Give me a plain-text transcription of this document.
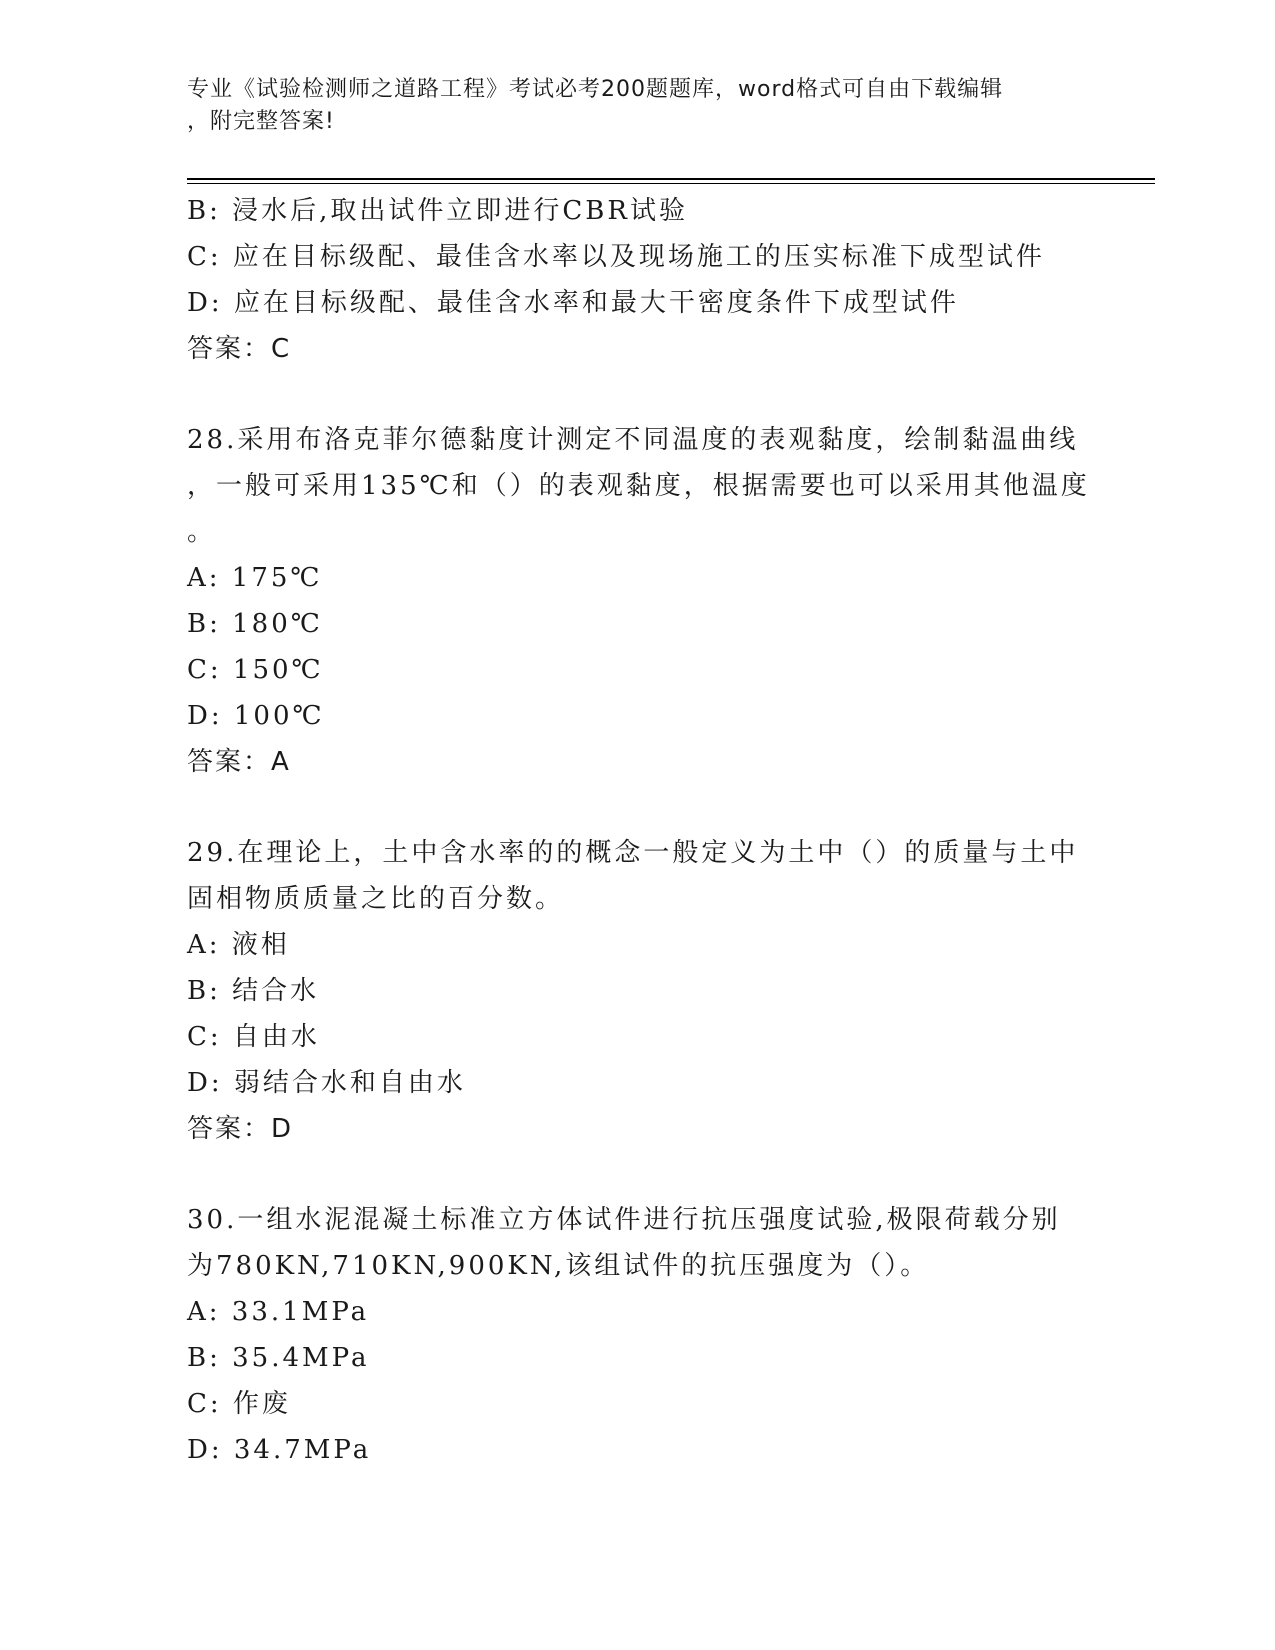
专业《试验检测师之道路工程》考试必考200题题库，word格式可自由下载编辑
，附完整答案!
B: 浸水后,取出试件立即进行CBR试验
C: 应在目标级配、最佳含水率以及现场施工的压实标准下成型试件
D: 应在目标级配、最佳含水率和最大干密度条件下成型试件
答案：C
28.采用布洛克菲尔德黏度计测定不同温度的表观黏度，绘制黏温曲线
，一般可采用135℃和（）的表观黏度，根据需要也可以采用其他温度
。
A: 175℃
B: 180℃
C: 150℃
D: 100℃
答案：A
29.在理论上，土中含水率的的概念一般定义为土中（）的质量与土中
固相物质质量之比的百分数。
A: 液相
B: 结合水
C: 自由水
D: 弱结合水和自由水
答案：D
30.一组水泥混凝土标准立方体试件进行抗压强度试验,极限荷载分别
为780KN,710KN,900KN,该组试件的抗压强度为（）。
A: 33.1MPa
B: 35.4MPa
C: 作废
D: 34.7MPa
